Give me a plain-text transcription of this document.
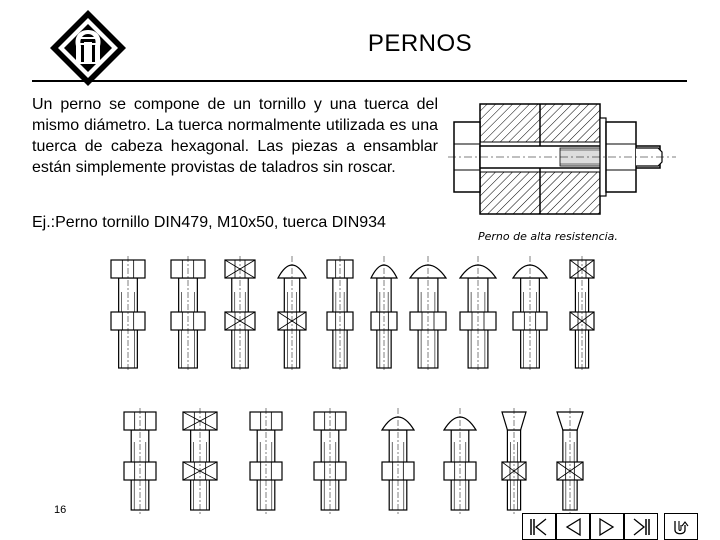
PERNOS

Un perno se compone de un tornillo y una tuerca del mismo diámetro. La tuerca normalmente utilizada es una tuerca de cabeza hexagonal. Las piezas a ensamblar están simplemente provistas de taladros sin roscar.

Ej.:Perno tornillo DIN479, M10x50, tuerca DIN934

Perno de alta resistencia.
16
